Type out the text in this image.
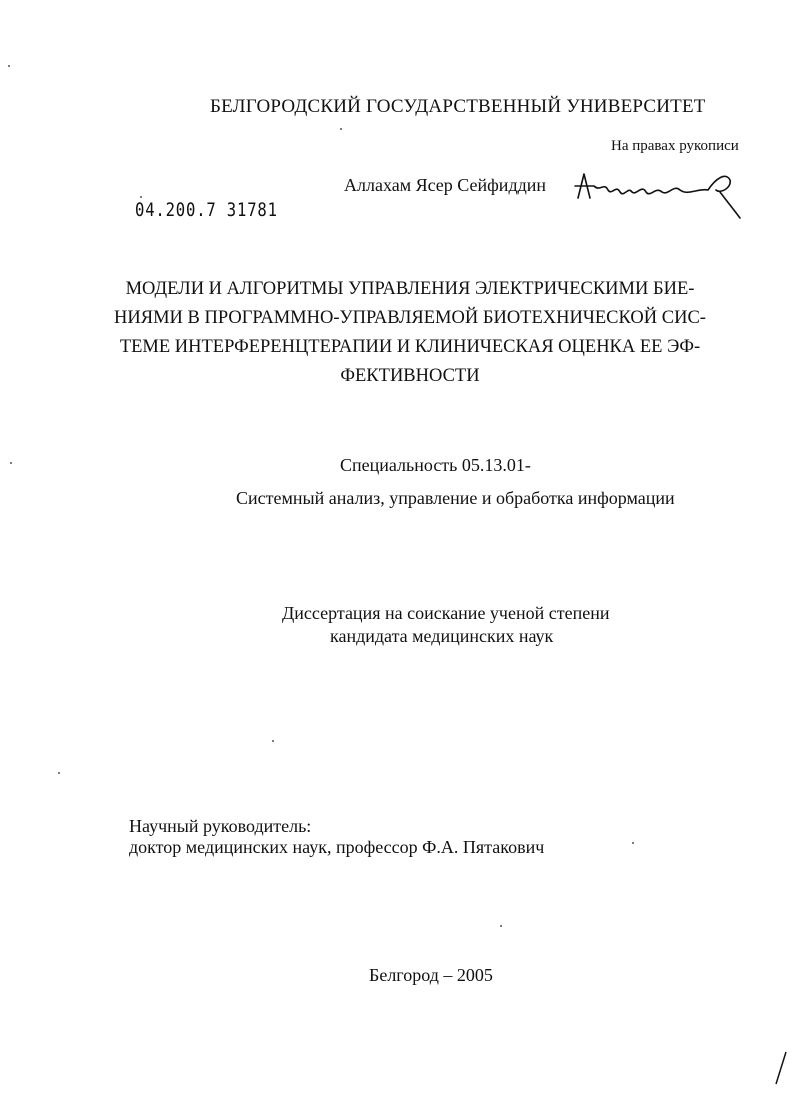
БЕЛГОРОДСКИЙ ГОСУДАРСТВЕННЫЙ УНИВЕРСИТЕТ
На правах рукописи
Аллахам Ясер Сейфиддин
04.200.7 31781
МОДЕЛИ И АЛГОРИТМЫ УПРАВЛЕНИЯ ЭЛЕКТРИЧЕСКИМИ БИЕ-
НИЯМИ В ПРОГРАММНО-УПРАВЛЯЕМОЙ БИОТЕХНИЧЕСКОЙ СИС-
ТЕМЕ ИНТЕРФЕРЕНЦТЕРАПИИ И КЛИНИЧЕСКАЯ ОЦЕНКА ЕЕ ЭФ-
ФЕКТИВНОСТИ
Специальность 05.13.01-
Системный анализ, управление и обработка информации
Диссертация на соискание ученой степени
кандидата медицинских наук
Научный руководитель:
доктор медицинских наук, профессор Ф.А. Пятакович
Белгород – 2005
